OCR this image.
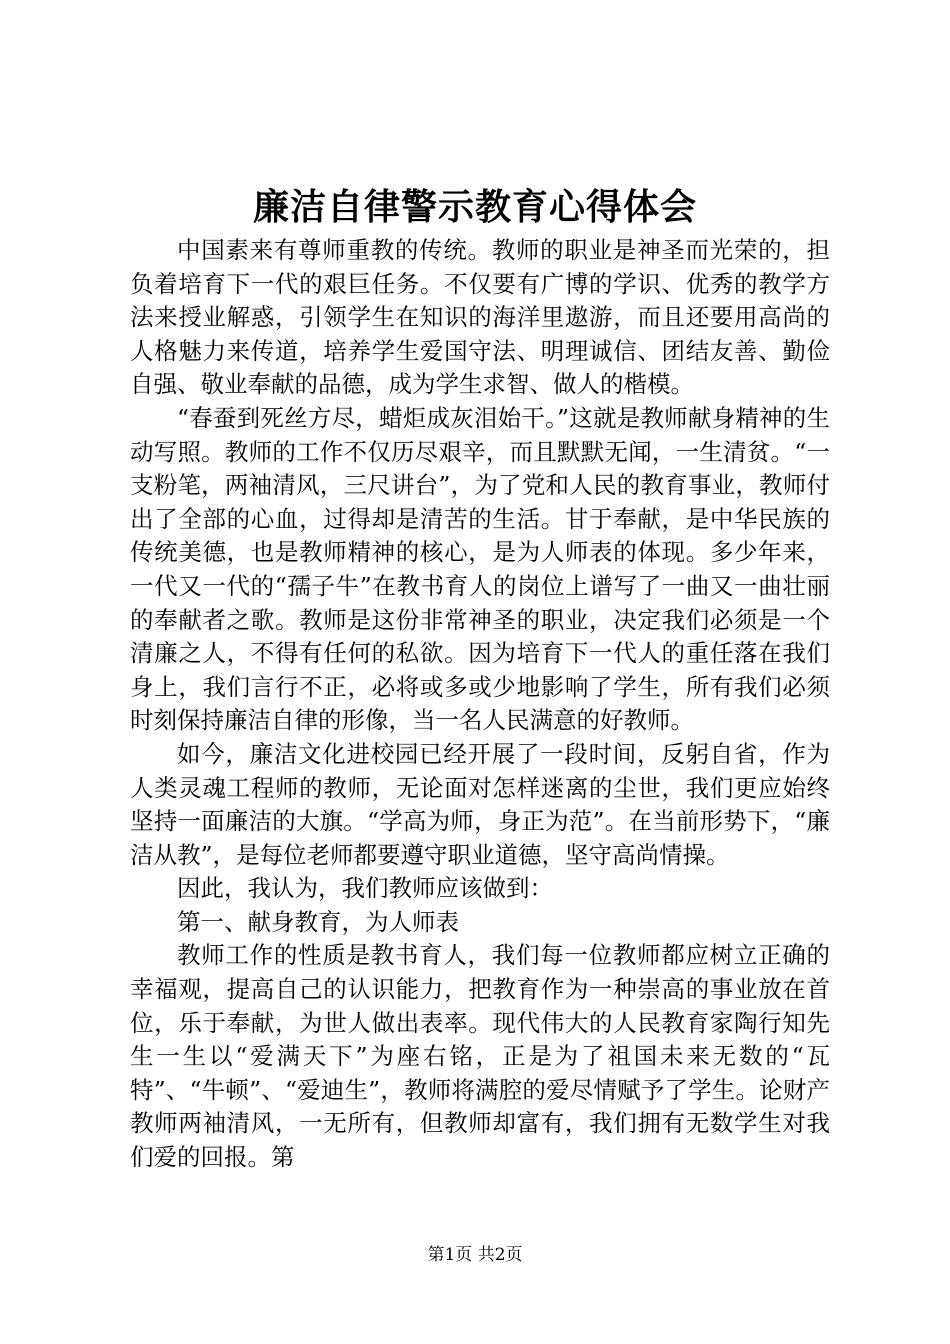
廉洁自律警示教育心得体会

中国素来有尊师重教的传统。教师的职业是神圣而光荣的，担负着培育下一代的艰巨任务。不仅要有广博的学识、优秀的教学方法来授业解惑，引领学生在知识的海洋里遨游，而且还要用高尚的人格魅力来传道，培养学生爱国守法、明理诚信、团结友善、勤俭自强、敬业奉献的品德，成为学生求智、做人的楷模。

“春蚕到死丝方尽，蜡炬成灰泪始干。”这就是教师献身精神的生动写照。教师的工作不仅历尽艰辛，而且默默无闻，一生清贫。“一支粉笔，两袖清风，三尺讲台”，为了党和人民的教育事业，教师付出了全部的心血，过得却是清苦的生活。甘于奉献，是中华民族的传统美德，也是教师精神的核心，是为人师表的体现。多少年来，一代又一代的“孺子牛”在教书育人的岗位上谱写了一曲又一曲壮丽的奉献者之歌。教师是这份非常神圣的职业，决定我们必须是一个清廉之人，不得有任何的私欲。因为培育下一代人的重任落在我们身上，我们言行不正，必将或多或少地影响了学生，所有我们必须时刻保持廉洁自律的形像，当一名人民满意的好教师。

如今，廉洁文化进校园已经开展了一段时间，反躬自省，作为人类灵魂工程师的教师，无论面对怎样迷离的尘世，我们更应始终坚持一面廉洁的大旗。“学高为师，身正为范”。在当前形势下，“廉洁从教”，是每位老师都要遵守职业道德，坚守高尚情操。

因此，我认为，我们教师应该做到：

第一、献身教育，为人师表

教师工作的性质是教书育人，我们每一位教师都应树立正确的幸福观，提高自己的认识能力，把教育作为一种崇高的事业放在首位，乐于奉献，为世人做出表率。现代伟大的人民教育家陶行知先生一生以“爱满天下”为座右铭，正是为了祖国未来无数的“瓦特”、“牛顿”、“爱迪生”，教师将满腔的爱尽情赋予了学生。论财产教师两袖清风，一无所有，但教师却富有，我们拥有无数学生对我们爱的回报。第

第1页 共2页
